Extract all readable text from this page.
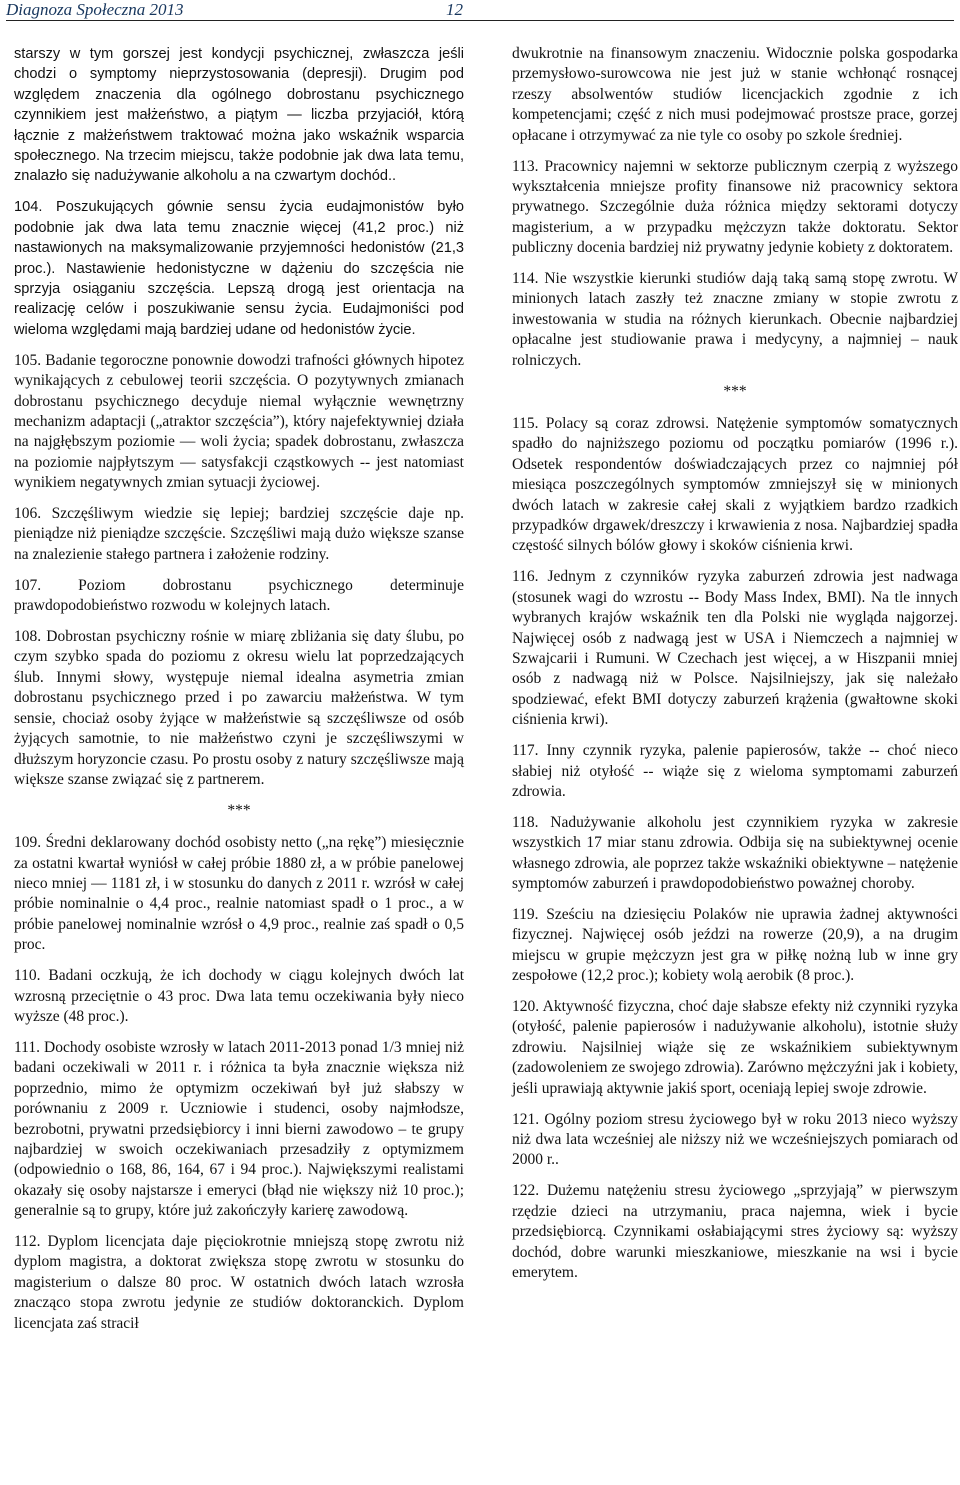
Diagnoza Społeczna 2013	12

starszy w tym gorszej jest kondycji psychicznej, zwłaszcza jeśli chodzi o symptomy nieprzystosowania (depresji). Drugim pod względem znaczenia dla ogólnego dobrostanu psychicznego czynnikiem jest małżeństwo, a piątym — liczba przyjaciół, którą łącznie z małżeństwem traktować można jako wskaźnik wsparcia społecznego. Na trzecim miejscu, także podobnie jak dwa lata temu, znalazło się nadużywanie alkoholu a na czwartym dochód..

104. Poszukujących gównie sensu życia eudajmonistów było podobnie jak dwa lata temu znacznie więcej (41,2 proc.) niż nastawionych na maksymalizowanie przyjemności hedonistów (21,3 proc.). Nastawienie hedonistyczne w dążeniu do szczęścia nie sprzyja osiąganiu szczęścia. Lepszą drogą jest orientacja na realizację celów i poszukiwanie sensu życia. Eudajmoniści pod wieloma względami mają bardziej udane od hedonistów życie.

105. Badanie tegoroczne ponownie dowodzi trafności głównych hipotez wynikających z cebulowej teorii szczęścia. O pozytywnych zmianach dobrostanu psychicznego decyduje niemal wyłącznie wewnętrzny mechanizm adaptacji („atraktor szczęścia”), który najefektywniej działa na najgłębszym poziomie — woli życia; spadek dobrostanu, zwłaszcza na poziomie najpłytszym — satysfakcji cząstkowych -- jest natomiast wynikiem negatywnych zmian sytuacji życiowej.

106. Szczęśliwym wiedzie się lepiej; bardziej szczęście daje np. pieniądze niż pieniądze szczęście. Szczęśliwi mają dużo większe szanse na znalezienie stałego partnera i założenie rodziny.

107. Poziom dobrostanu psychicznego determinuje prawdopodobieństwo rozwodu w kolejnych latach.

108. Dobrostan psychiczny rośnie w miarę zbliżania się daty ślubu, po czym szybko spada do poziomu z okresu wielu lat poprzedzających ślub. Innymi słowy, występuje niemal idealna asymetria zmian dobrostanu psychicznego przed i po zawarciu małżeństwa. W tym sensie, chociaż osoby żyjące w małżeństwie są szczęśliwsze od osób żyjących samotnie, to nie małżeństwo czyni je szczęśliwszymi w dłuższym horyzoncie czasu. Po prostu osoby z natury szczęśliwsze mają większe szanse związać się z partnerem.

***

109. Średni deklarowany dochód osobisty netto („na rękę”) miesięcznie za ostatni kwartał wyniósł w całej próbie 1880 zł, a w próbie panelowej nieco mniej — 1181 zł, i w stosunku do danych z 2011 r. wzrósł w całej próbie nominalnie o 4,4 proc., realnie natomiast spadł o 1 proc., a w próbie panelowej nominalnie wzrósł o 4,9 proc., realnie zaś spadł o 0,5 proc.

110. Badani oczkują, że ich dochody w ciągu kolejnych dwóch lat wzrosną przeciętnie o 43 proc. Dwa lata temu oczekiwania były nieco wyższe (48 proc.).

111. Dochody osobiste wzrosły w latach 2011-2013 ponad 1/3 mniej niż badani oczekiwali w 2011 r. i różnica ta była znacznie większa niż poprzednio, mimo że optymizm oczekiwań był już słabszy w porównaniu z 2009 r. Uczniowie i studenci, osoby najmłodsze, bezrobotni, prywatni przedsiębiorcy i inni bierni zawodowo – te grupy najbardziej w swoich oczekiwaniach przesadziły z optymizmem (odpowiednio o 168, 86, 164, 67 i 94 proc.). Największymi realistami okazały się osoby najstarsze i emeryci (błąd nie większy niż 10 proc.); generalnie są to grupy, które już zakończyły karierę zawodową.

112. Dyplom licencjata daje pięciokrotnie mniejszą stopę zwrotu niż dyplom magistra, a doktorat zwiększa stopę zwrotu w stosunku do magisterium o dalsze 80 proc. W ostatnich dwóch latach wzrosła znacząco stopa zwrotu jedynie ze studiów doktoranckich. Dyplom licencjata zaś stracił

dwukrotnie na finansowym znaczeniu. Widocznie polska gospodarka przemysłowo-surowcowa nie jest już w stanie wchłonąć rosnącej rzeszy absolwentów studiów licencjackich zgodnie z ich kompetencjami; część z nich musi podejmować prostsze prace, gorzej opłacane i otrzymywać za nie tyle co osoby po szkole średniej.

113. Pracownicy najemni w sektorze publicznym czerpią z wyższego wykształcenia mniejsze profity finansowe niż pracownicy sektora prywatnego. Szczególnie duża różnica między sektorami dotyczy magisterium, a w przypadku mężczyzn także doktoratu. Sektor publiczny docenia bardziej niż prywatny jedynie kobiety z doktoratem.

114. Nie wszystkie kierunki studiów dają taką samą stopę zwrotu. W minionych latach zaszły też znaczne zmiany w stopie zwrotu z inwestowania w studia na różnych kierunkach. Obecnie najbardziej opłacalne jest studiowanie prawa i medycyny, a najmniej – nauk rolniczych.

***

115. Polacy są coraz zdrowsi. Natężenie symptomów somatycznych spadło do najniższego poziomu od początku pomiarów (1996 r.). Odsetek respondentów doświadczających przez co najmniej pół miesiąca poszczególnych symptomów zmniejszył się w minionych dwóch latach w zakresie całej skali z wyjątkiem bardzo rzadkich przypadków drgawek/dreszczy i krwawienia z nosa. Najbardziej spadła częstość silnych bólów głowy i skoków ciśnienia krwi.

116. Jednym z czynników ryzyka zaburzeń zdrowia jest nadwaga (stosunek wagi do wzrostu -- Body Mass Index, BMI). Na tle innych wybranych krajów wskaźnik ten dla Polski nie wygląda najgorzej. Najwięcej osób z nadwagą jest w USA i Niemczech a najmniej w Szwajcarii i Rumuni. W Czechach jest więcej, a w Hiszpanii mniej osób z nadwagą niż w Polsce. Najsilniejszy, jak się należało spodziewać, efekt BMI dotyczy zaburzeń krążenia (gwałtowne skoki ciśnienia krwi).

117. Inny czynnik ryzyka, palenie papierosów, także -- choć nieco słabiej niż otyłość -- wiąże się z wieloma symptomami zaburzeń zdrowia.

118. Nadużywanie alkoholu jest czynnikiem ryzyka w zakresie wszystkich 17 miar stanu zdrowia. Odbija się na subiektywnej ocenie własnego zdrowia, ale poprzez także wskaźniki obiektywne – natężenie symptomów zaburzeń i prawdopodobieństwo poważnej choroby.

119. Sześciu na dziesięciu Polaków nie uprawia żadnej aktywności fizycznej. Najwięcej osób jeździ na rowerze (20,9), a na drugim miejscu w grupie mężczyzn jest gra w piłkę nożną lub w inne gry zespołowe (12,2 proc.); kobiety wolą aerobik (8 proc.).

120. Aktywność fizyczna, choć daje słabsze efekty niż czynniki ryzyka (otyłość, palenie papierosów i nadużywanie alkoholu), istotnie służy zdrowiu. Najsilniej wiąże się ze wskaźnikiem subiektywnym (zadowoleniem ze swojego zdrowia). Zarówno mężczyźni jak i kobiety, jeśli uprawiają aktywnie jakiś sport, oceniają lepiej swoje zdrowie.

121. Ogólny poziom stresu życiowego był w roku 2013 nieco wyższy niż dwa lata wcześniej ale niższy niż we wcześniejszych pomiarach od 2000 r..

122. Dużemu natężeniu stresu życiowego „sprzyjają” w pierwszym rzędzie dzieci na utrzymaniu, praca najemna, wiek i bycie przedsiębiorcą. Czynnikami osłabiającymi stres życiowy są: wyższy dochód, dobre warunki mieszkaniowe, mieszkanie na wsi i bycie emerytem.
